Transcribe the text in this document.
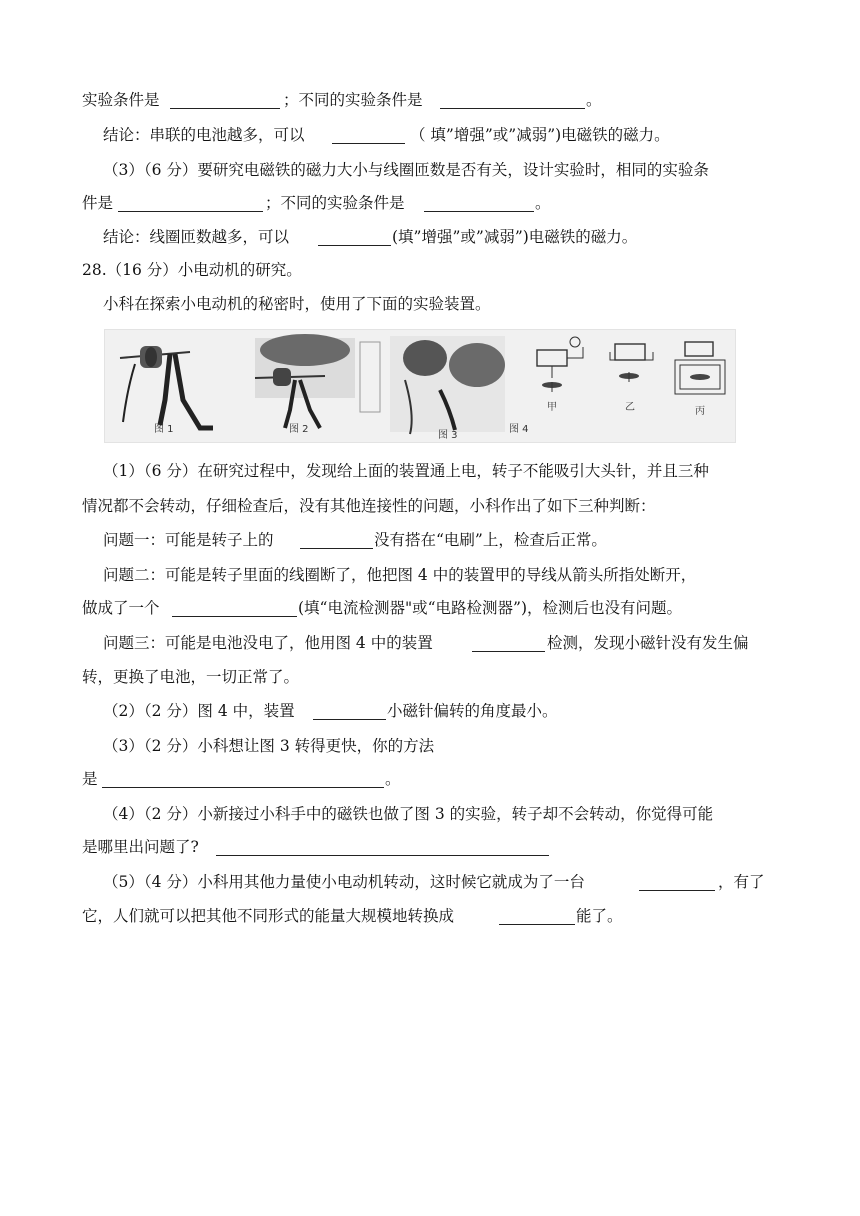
实验条件是	；不同的实验条件是	。
结论：串联的电池越多，可以	（ 填”增强”或”减弱”)电磁铁的磁力。
（3）（6 分）要研究电磁铁的磁力大小与线圈匝数是否有关，设计实验时，相同的实验条
件是	；不同的实验条件是	。
结论：线圈匝数越多，可以	(填”增强”或”减弱”)电磁铁的磁力。
28.（16 分）小电动机的研究。
小科在探索小电动机的秘密时，使用了下面的实验装置。
图 1	图 2
图 3
图 4
甲	乙	丙
（1）（6 分）在研究过程中，发现给上面的装置通上电，转子不能吸引大头针，并且三种
情况都不会转动，仔细检查后，没有其他连接性的问题，小科作出了如下三种判断：
问题一：可能是转子上的	没有搭在“电刷”上，检查后正常。
问题二：可能是转子里面的线圈断了，他把图 4 中的装置甲的导线从箭头所指处断开，
做成了一个	(填“电流检测器"或“电路检测器”)，检测后也没有问题。
问题三：可能是电池没电了，他用图 4 中的装置	检测，发现小磁针没有发生偏
转，更换了电池，一切正常了。
（2）（2 分）图 4 中，装置	小磁针偏转的角度最小。
（3）（2 分）小科想让图 3 转得更快，你的方法
是	。
（4）（2 分）小新接过小科手中的磁铁也做了图 3 的实验，转子却不会转动，你觉得可能
是哪里出问题了?
（5）（4 分）小科用其他力量使小电动机转动，这时候它就成为了一台	，有了
它，人们就可以把其他不同形式的能量大规模地转换成	能了。
